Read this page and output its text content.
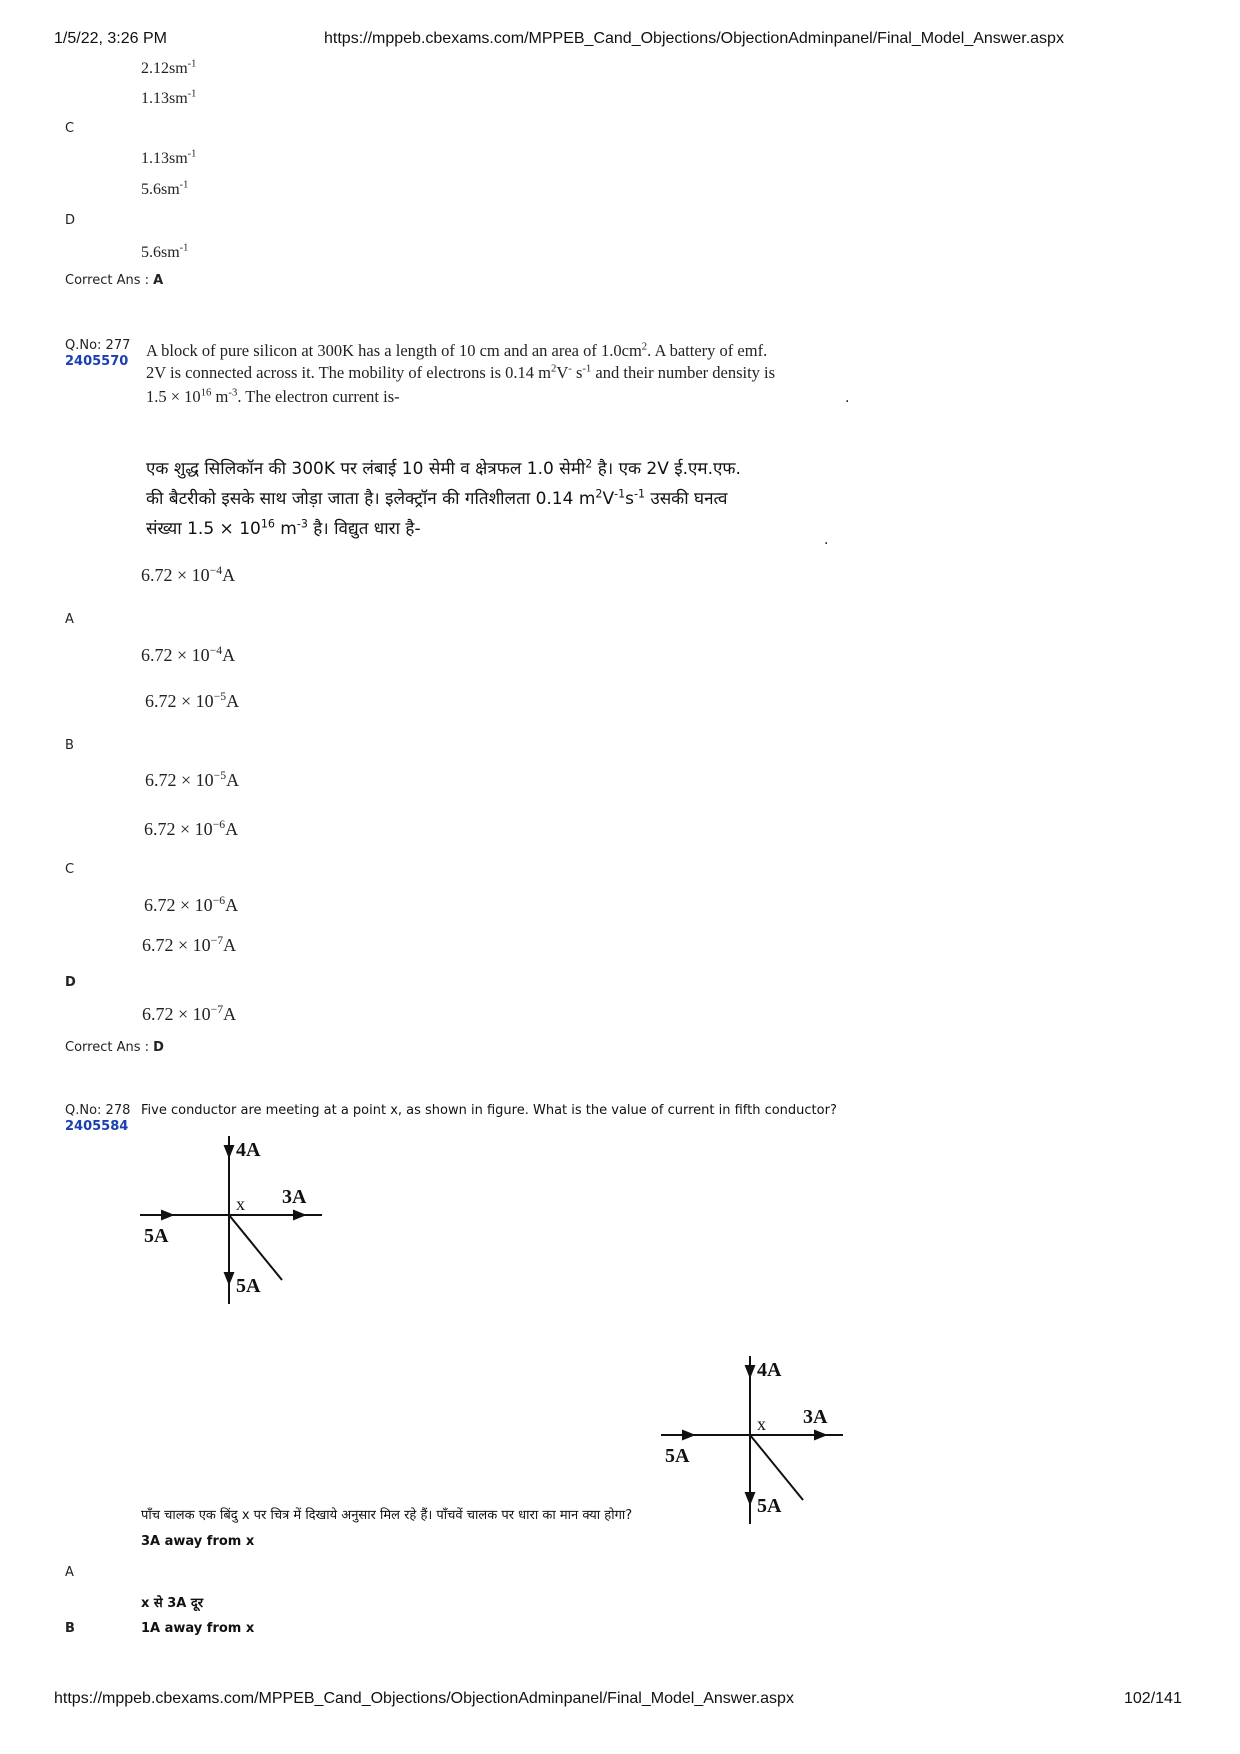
1/5/22, 3:26 PM	https://mppeb.cbexams.com/MPPEB_Cand_Objections/ObjectionAdminpanel/Final_Model_Answer.aspx
$2.12sm^{-1}$
$1.13sm^{-1}$
C
$1.13sm^{-1}$
$5.6sm^{-1}$
D
$5.6sm^{-1}$
Correct Ans : A
Q.No: 277
2405570
A block of pure silicon at 300K has a length of 10 cm and an area of $1.0cm^2$. A battery of emf.
2V is connected across it. The mobility of electrons is 0.14 $m^2V^-$ $s^{-1}$ and their number density is
$1.5 \times 10^{16}$ $m^{-3}$. The electron current is-	.
एक शुद्ध सिलिकॉन की 300K पर लंबाई 10 सेमी व क्षेत्रफल 1.0 सेमी$^2$ है। एक 2V ई.एम.एफ.
की बैटरीको इसके साथ जोड़ा जाता है। इलेक्ट्रॉन की गतिशीलता 0.14 $m^2V^{-1}s^{-1}$ उसकी घनत्व
संख्या $1.5 \times 10^{16}$ $m^{-3}$ है। विद्युत धारा है-
.
$6.72 \times 10^{-4}A$
A
$6.72 \times 10^{-4}A$
$6.72 \times 10^{-5}A$
B
$6.72 \times 10^{-5}A$
$6.72 \times 10^{-6}A$
C
$6.72 \times 10^{-6}A$
$6.72 \times 10^{-7}A$
D
$6.72 \times 10^{-7}A$
Correct Ans : D
Q.No: 278
2405584
Five conductor are meeting at a point x, as shown in figure. What is the value of current in fifth conductor?
4A
x 3A
5A
5A
4A
x 3A
5A
5A
पाँच चालक एक बिंदु x पर चित्र में दिखाये अनुसार मिल रहे हैं। पाँचवें चालक पर धारा का मान क्या होगा?
3A away from x
A
x से 3A दूर
B	1A away from x
https://mppeb.cbexams.com/MPPEB_Cand_Objections/ObjectionAdminpanel/Final_Model_Answer.aspx	102/141
